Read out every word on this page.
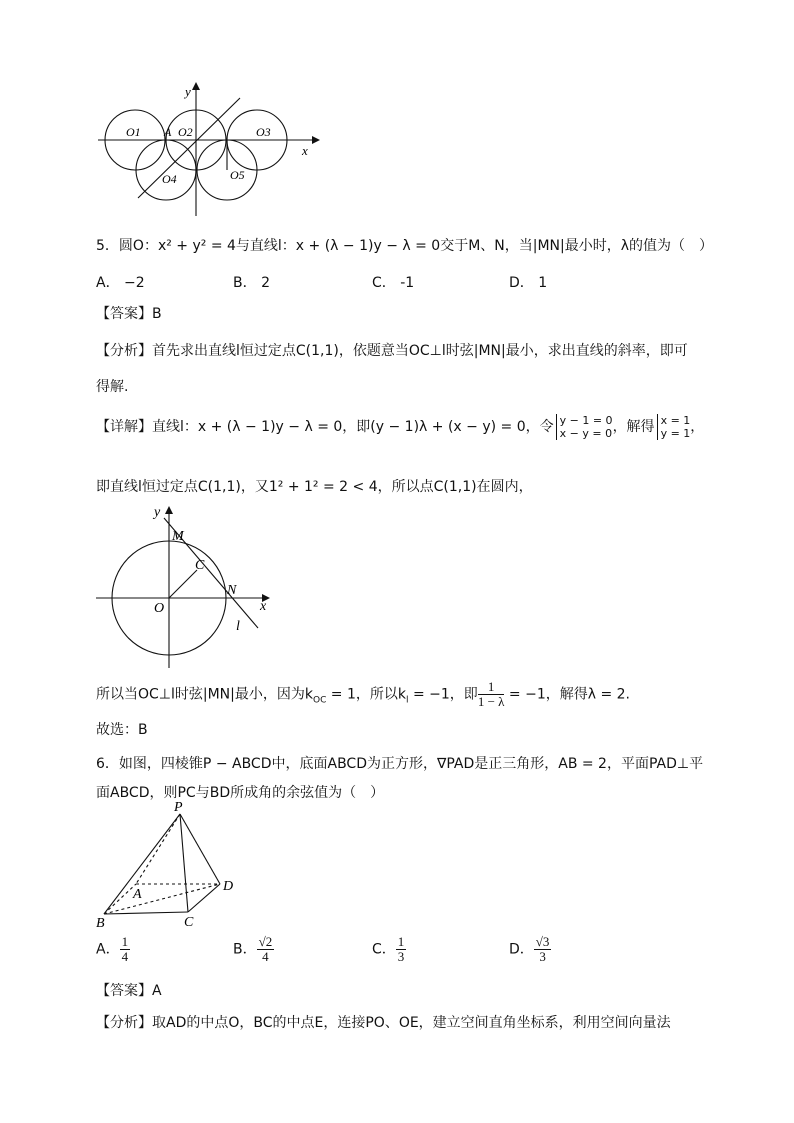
x
y
O1 A O2	O3
O4	O5
5．圆O：x² + y² = 4与直线l：x + (λ − 1)y − λ = 0交于M、N，当|MN|最小时，λ的值为（　）
A． −2	B． 2	C． -1	D． 1
【答案】B
【分析】首先求出直线l恒过定点C(1,1)，依题意当OC⊥l时弦|MN|最小，求出直线的斜率，即可
得解.
【详解】直线l：x + (λ − 1)y − λ = 0，即(y − 1)λ + (x − y) = 0，令 y − 1 = 0
x − y = 0 ，解得 x = 1
y = 1 ，
即直线l恒过定点C(1,1)，又1² + 1² = 2 < 4，所以点C(1,1)在圆内，
y
M
C
N
O	x
l
所以当OC⊥l时弦|MN|最小，因为$k_{OC} = 1$，所以$k_l = -1$，即 $\frac{1}{1 - \lambda} = -1$，解得λ = 2.
故选：B
6．如图，四棱锥P − ABCD中，底面ABCD为正方形，∇PAD是正三角形，AB = 2，平面PAD⊥平
面ABCD，则PC与BD所成角的余弦值为（　）
P
A
D
B	C
A． $\frac{1}{4}$	B． $\frac{√2}{4}$	C． $\frac{1}{3}$	D． $\frac{√3}{3}$
【答案】A
【分析】取AD的中点O，BC的中点E，连接PO、OE，建立空间直角坐标系，利用空间向量法
